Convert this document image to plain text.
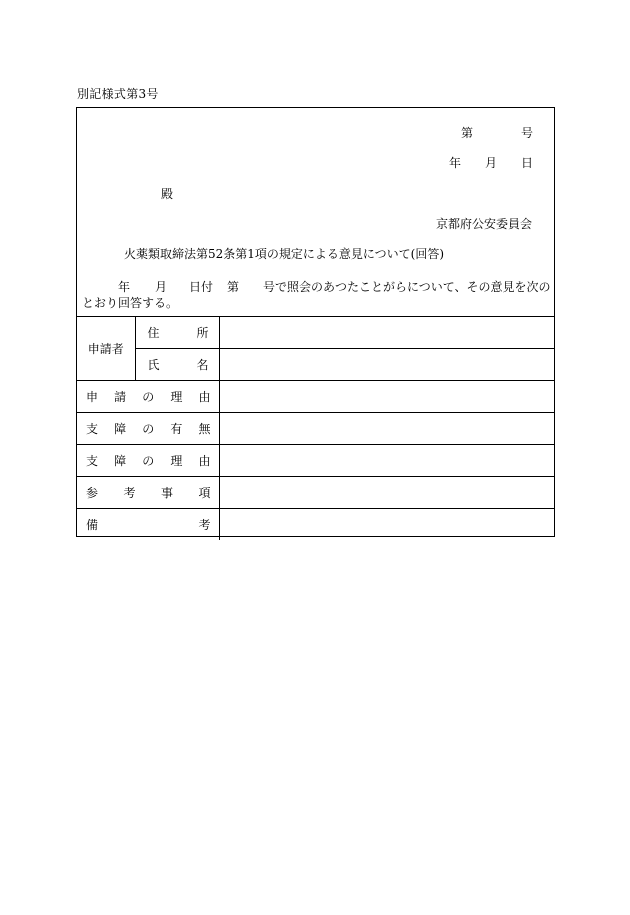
別記様式第3号
第	号
年 月 日
殿
京都府公安委員会
火薬類取締法第52条第1項の規定による意見について(回答)
年 月 日付 第 号で照会のあつたことがらについて、その意見を次の
とおり回答する。
申請者	住 所	

	氏 名	

申 請 の 理 由		

支 障 の 有 無		

支 障 の 理 由		

参 考 事 項		

備 考		
